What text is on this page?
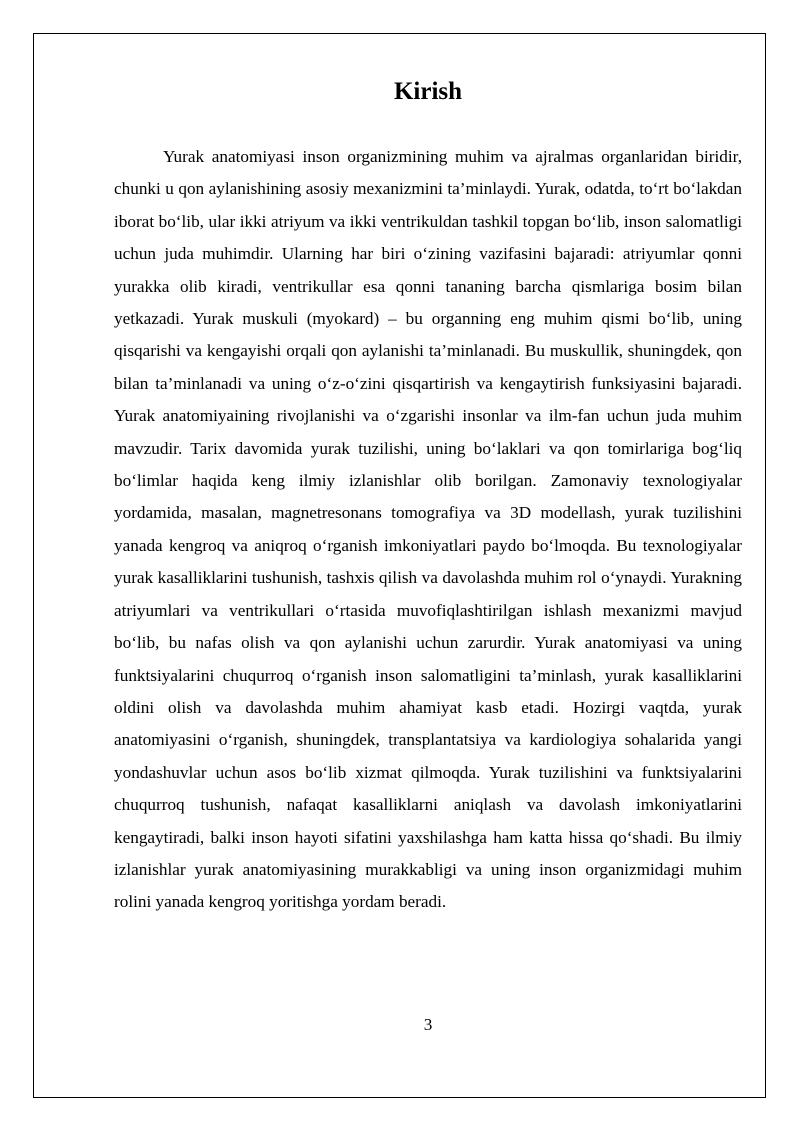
Kirish

Yurak anatomiyasi inson organizmining muhim va ajralmas organlaridan biridir, chunki u qon aylanishining asosiy mexanizmini ta’minlaydi. Yurak, odatda, to‘rt bo‘lakdan iborat bo‘lib, ular ikki atriyum va ikki ventrikuldan tashkil topgan bo‘lib, inson salomatligi uchun juda muhimdir. Ularning har biri o‘zining vazifasini bajaradi: atriyumlar qonni yurakka olib kiradi, ventrikullar esa qonni tananing barcha qismlariga bosim bilan yetkazadi. Yurak muskuli (myokard) – bu organning eng muhim qismi bo‘lib, uning qisqarishi va kengayishi orqali qon aylanishi ta’minlanadi. Bu muskullik, shuningdek, qon bilan ta’minlanadi va uning o‘z-o‘zini qisqartirish va kengaytirish funksiyasini bajaradi. Yurak anatomiyaining rivojlanishi va o‘zgarishi insonlar va ilm-fan uchun juda muhim mavzudir. Tarix davomida yurak tuzilishi, uning bo‘laklari va qon tomirlariga bog‘liq bo‘limlar haqida keng ilmiy izlanishlar olib borilgan. Zamonaviy texnologiyalar yordamida, masalan, magnetresonans tomografiya va 3D modellash, yurak tuzilishini yanada kengroq va aniqroq o‘rganish imkoniyatlari paydo bo‘lmoqda. Bu texnologiyalar yurak kasalliklarini tushunish, tashxis qilish va davolashda muhim rol o‘ynaydi. Yurakning atriyumlari va ventrikullari o‘rtasida muvofiqlashtirilgan ishlash mexanizmi mavjud bo‘lib, bu nafas olish va qon aylanishi uchun zarurdir. Yurak anatomiyasi va uning funktsiyalarini chuqurroq o‘rganish inson salomatligini ta’minlash, yurak kasalliklarini oldini olish va davolashda muhim ahamiyat kasb etadi. Hozirgi vaqtda, yurak anatomiyasini o‘rganish, shuningdek, transplantatsiya va kardiologiya sohalarida yangi yondashuvlar uchun asos bo‘lib xizmat qilmoqda. Yurak tuzilishini va funktsiyalarini chuqurroq tushunish, nafaqat kasalliklarni aniqlash va davolash imkoniyatlarini kengaytiradi, balki inson hayoti sifatini yaxshilashga ham katta hissa qo‘shadi. Bu ilmiy izlanishlar yurak anatomiyasining murakkabligi va uning inson organizmidagi muhim rolini yanada kengroq yoritishga yordam beradi.

3
